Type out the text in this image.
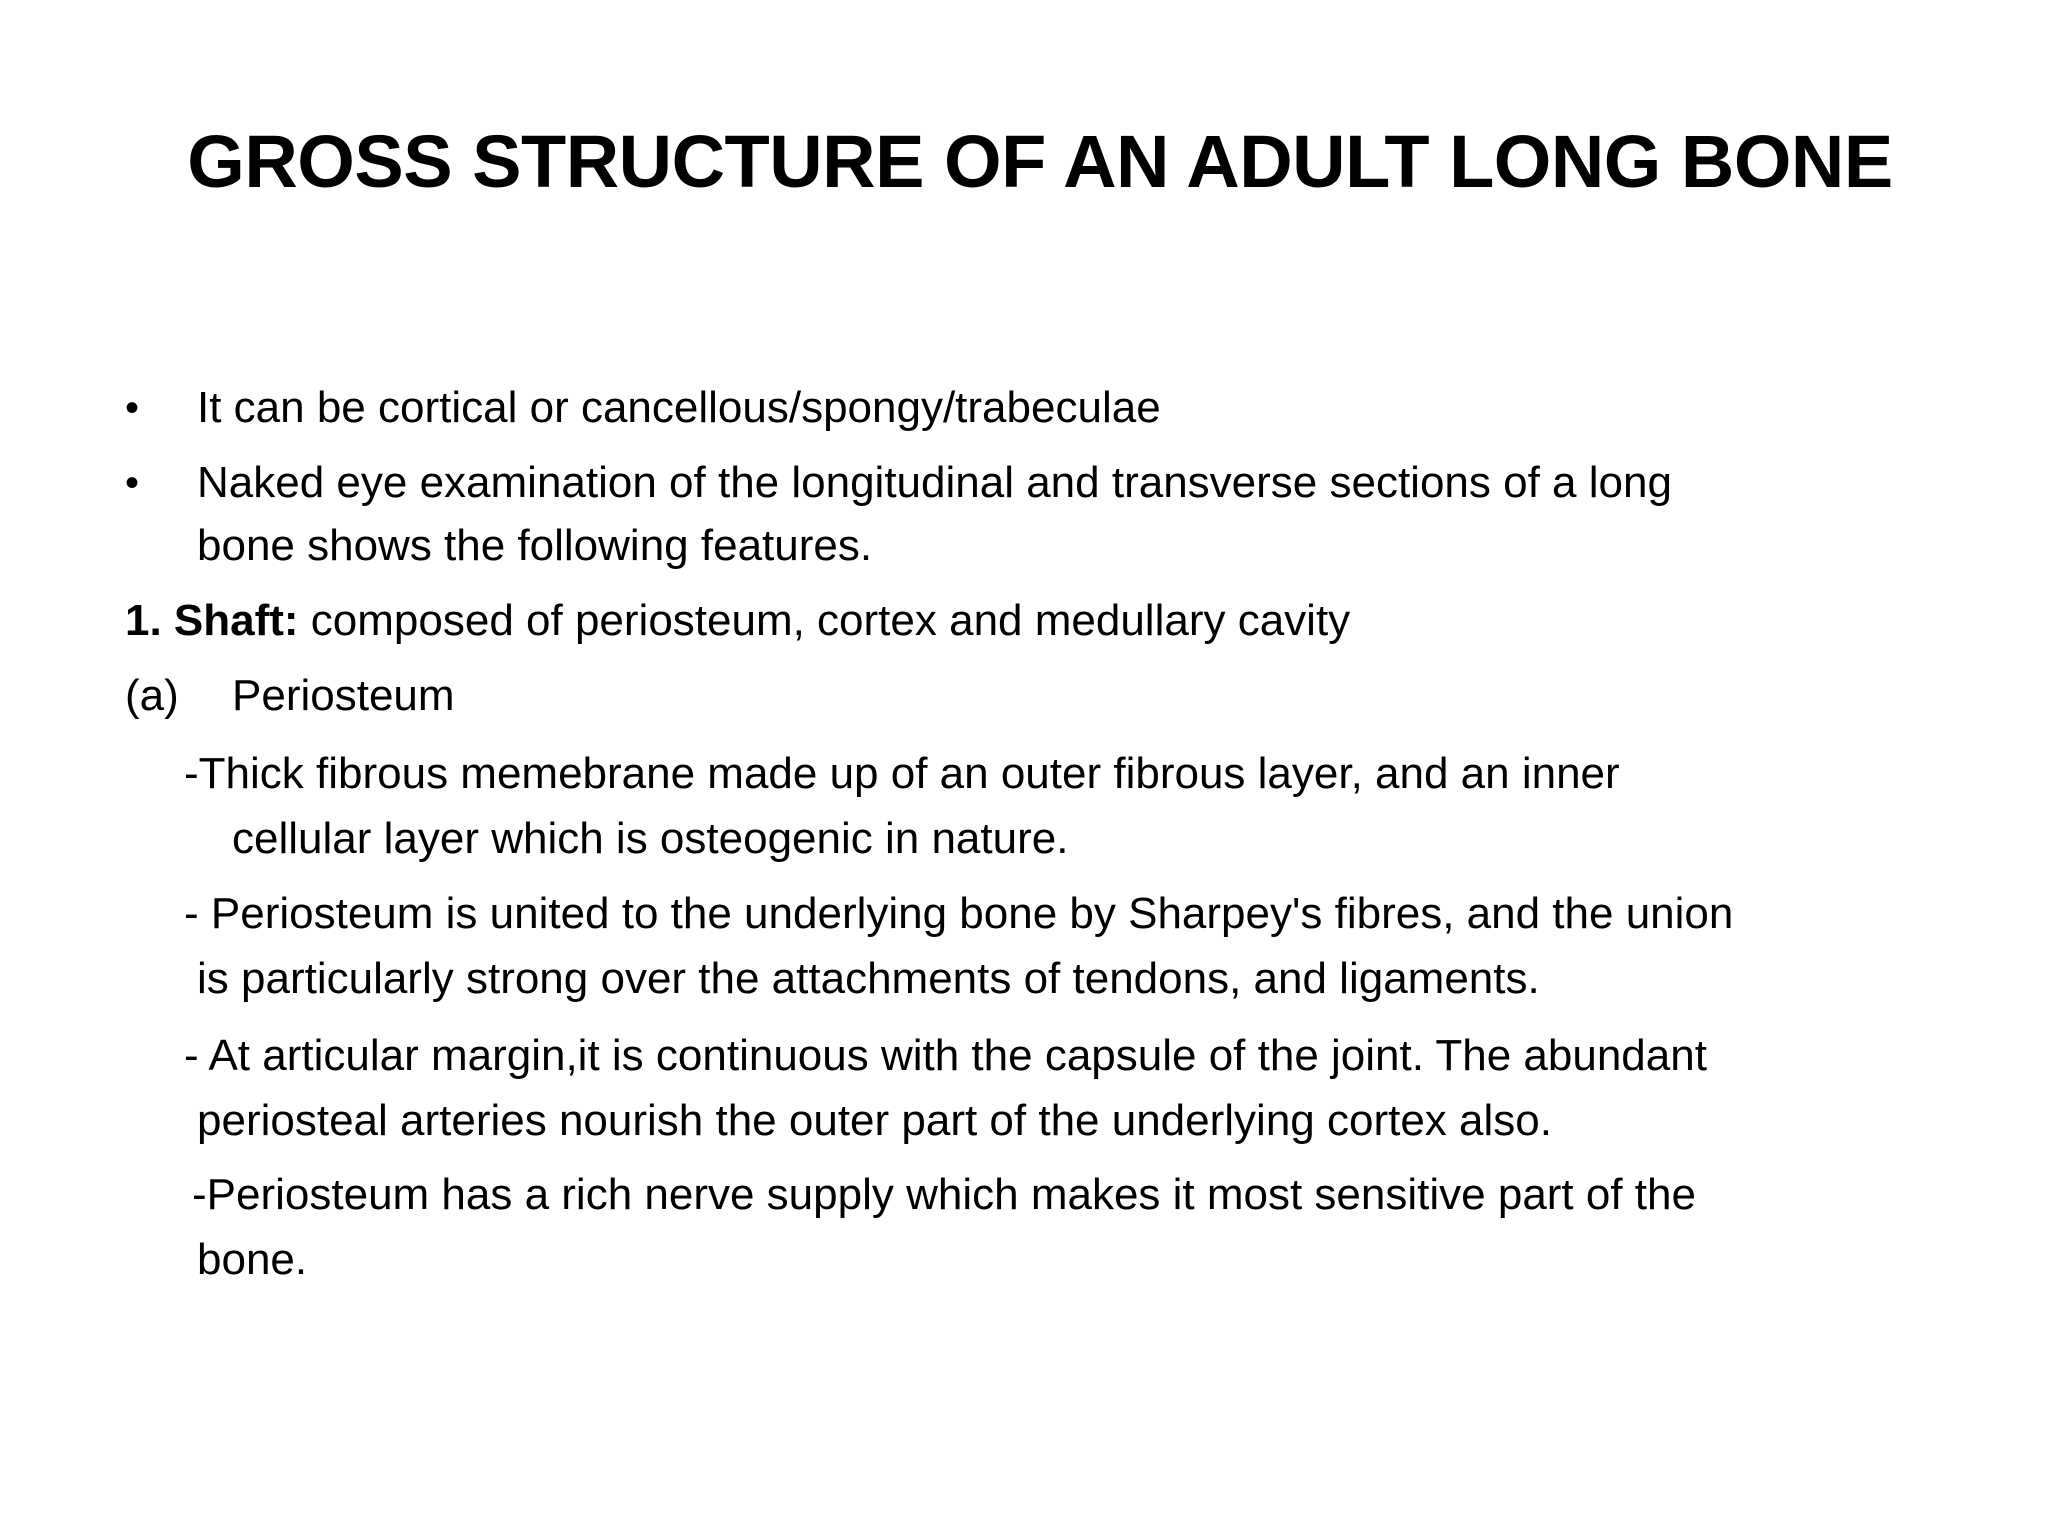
GROSS STRUCTURE OF AN ADULT LONG BONE
• It can be cortical or cancellous/spongy/trabeculae
• Naked eye examination of the longitudinal and transverse sections of a long
bone shows the following features.
1. Shaft: composed of periosteum, cortex and medullary cavity
(a) Periosteum
-Thick fibrous memebrane made up of an outer fibrous layer, and an inner
cellular layer which is osteogenic in nature.
- Periosteum is united to the underlying bone by Sharpey's fibres, and the union
is particularly strong over the attachments of tendons, and ligaments.
- At articular margin,it is continuous with the capsule of the joint. The abundant
periosteal arteries nourish the outer part of the underlying cortex also.
-Periosteum has a rich nerve supply which makes it most sensitive part of the
bone.
